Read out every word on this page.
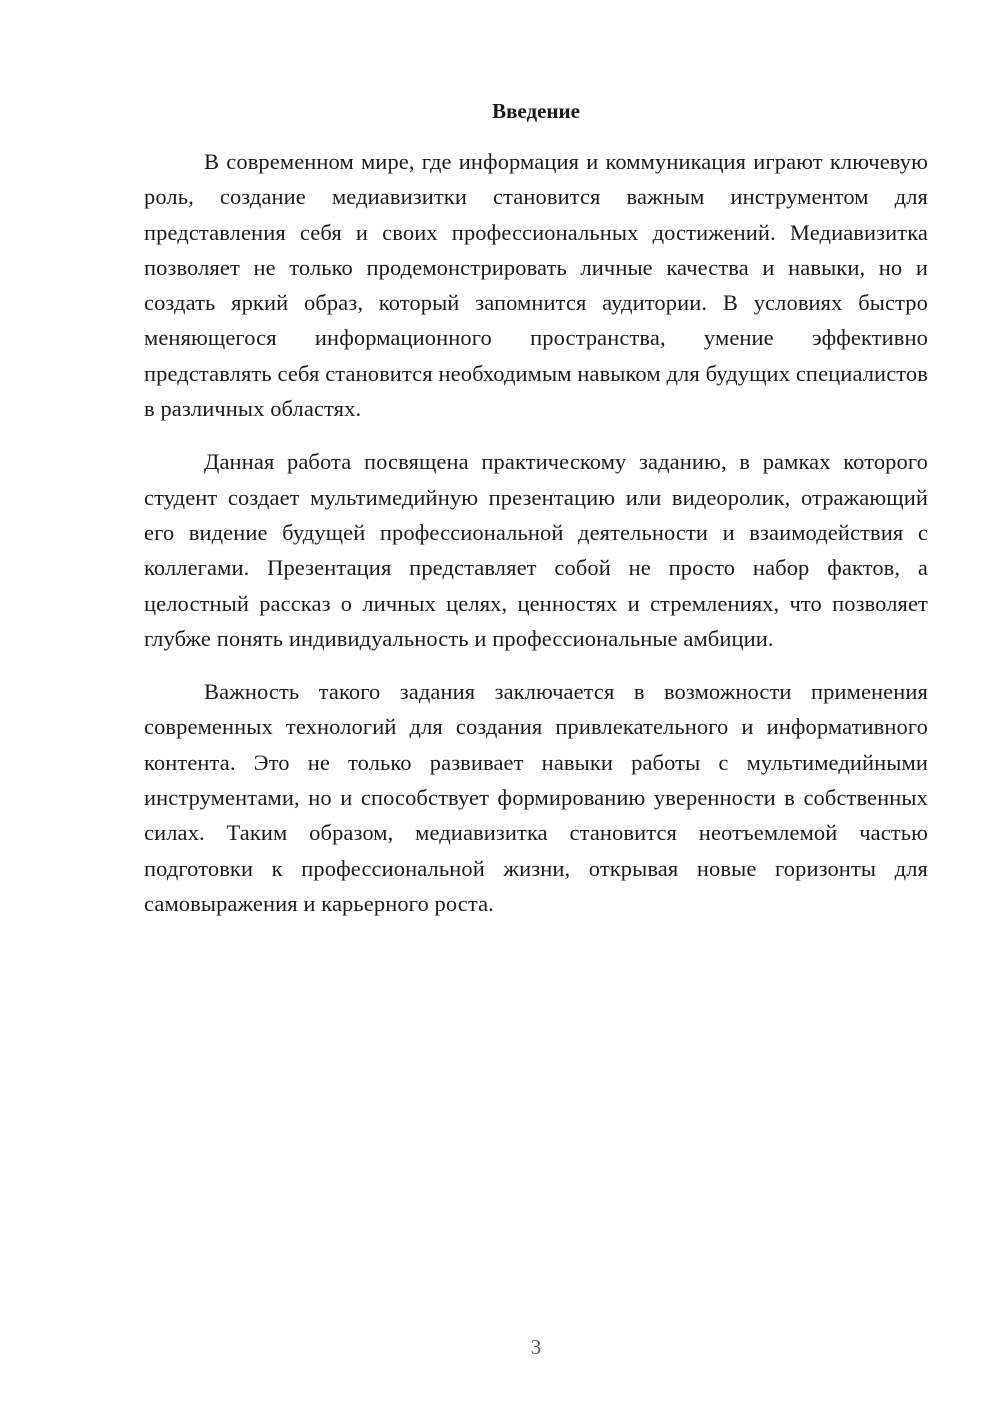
Введение

В современном мире, где информация и коммуникация играют ключевую роль, создание медиавизитки становится важным инструментом для представления себя и своих профессиональных достижений. Медиавизитка позволяет не только продемонстрировать личные качества и навыки, но и создать яркий образ, который запомнится аудитории. В условиях быстро меняющегося информационного пространства, умение эффективно представлять себя становится необходимым навыком для будущих специалистов в различных областях.

Данная работа посвящена практическому заданию, в рамках которого студент создает мультимедийную презентацию или видеоролик, отражающий его видение будущей профессиональной деятельности и взаимодействия с коллегами. Презентация представляет собой не просто набор фактов, а целостный рассказ о личных целях, ценностях и стремлениях, что позволяет глубже понять индивидуальность и профессиональные амбиции.

Важность такого задания заключается в возможности применения современных технологий для создания привлекательного и информативного контента. Это не только развивает навыки работы с мультимедийными инструментами, но и способствует формированию уверенности в собственных силах. Таким образом, медиавизитка становится неотъемлемой частью подготовки к профессиональной жизни, открывая новые горизонты для самовыражения и карьерного роста.

3
